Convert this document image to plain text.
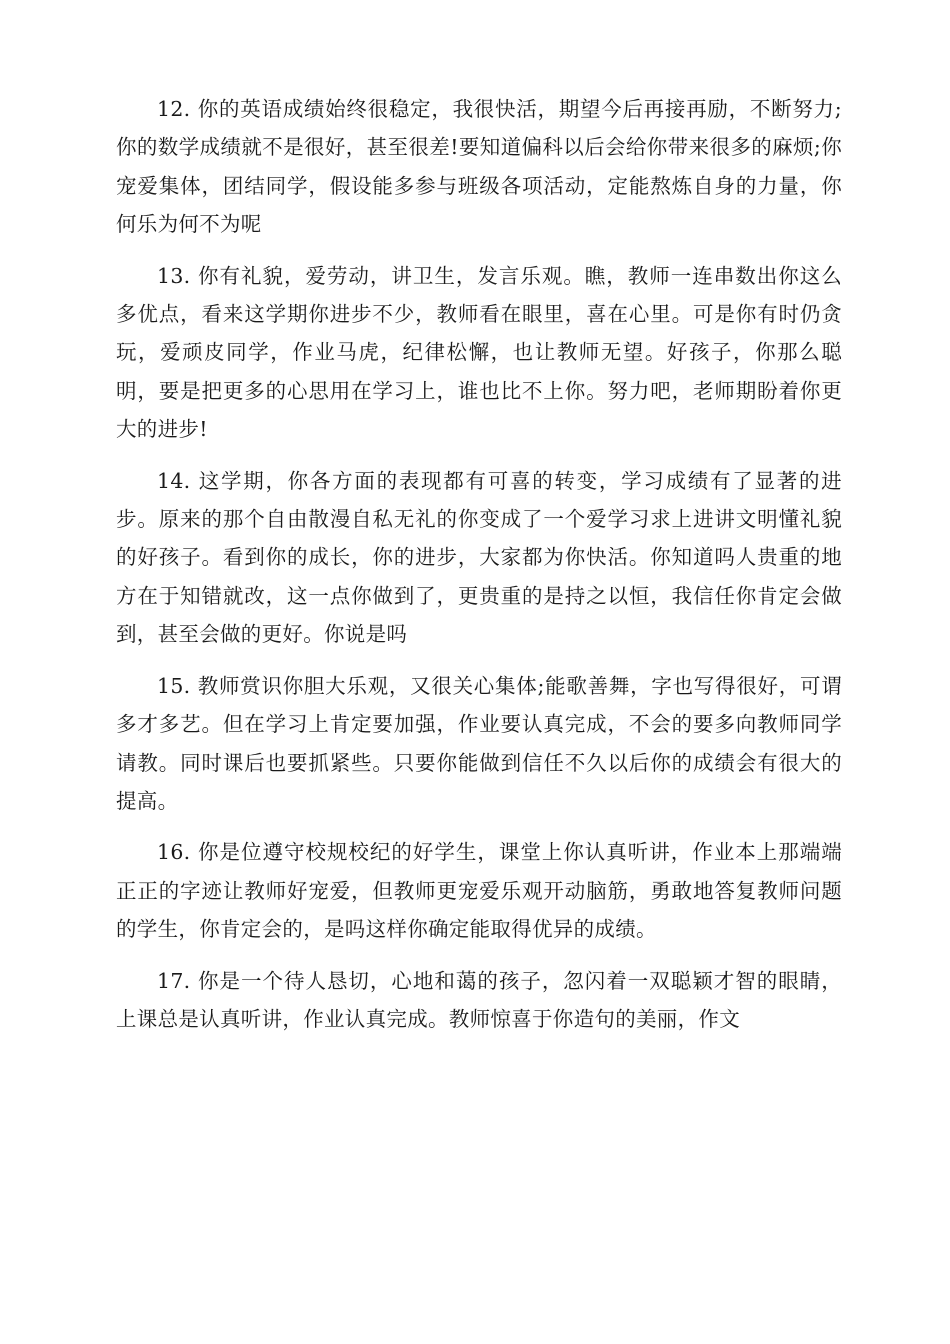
12. 你的英语成绩始终很稳定，我很快活，期望今后再接再励，不断努力;你的数学成绩就不是很好，甚至很差!要知道偏科以后会给你带来很多的麻烦;你宠爱集体，团结同学，假设能多参与班级各项活动，定能熬炼自身的力量，你何乐为何不为呢

13. 你有礼貌，爱劳动，讲卫生，发言乐观。瞧，教师一连串数出你这么多优点，看来这学期你进步不少，教师看在眼里，喜在心里。可是你有时仍贪玩，爱顽皮同学，作业马虎，纪律松懈，也让教师无望。好孩子，你那么聪明，要是把更多的心思用在学习上，谁也比不上你。努力吧，老师期盼着你更大的进步!

14. 这学期，你各方面的表现都有可喜的转变，学习成绩有了显著的进步。原来的那个自由散漫自私无礼的你变成了一个爱学习求上进讲文明懂礼貌的好孩子。看到你的成长，你的进步，大家都为你快活。你知道吗人贵重的地方在于知错就改，这一点你做到了，更贵重的是持之以恒，我信任你肯定会做到，甚至会做的更好。你说是吗

15. 教师赏识你胆大乐观，又很关心集体;能歌善舞，字也写得很好，可谓多才多艺。但在学习上肯定要加强，作业要认真完成，不会的要多向教师同学请教。同时课后也要抓紧些。只要你能做到信任不久以后你的成绩会有很大的提高。

16. 你是位遵守校规校纪的好学生，课堂上你认真听讲，作业本上那端端正正的字迹让教师好宠爱，但教师更宠爱乐观开动脑筋，勇敢地答复教师问题的学生，你肯定会的，是吗这样你确定能取得优异的成绩。

17. 你是一个待人恳切，心地和蔼的孩子，忽闪着一双聪颖才智的眼睛，上课总是认真听讲，作业认真完成。教师惊喜于你造句的美丽，作文
